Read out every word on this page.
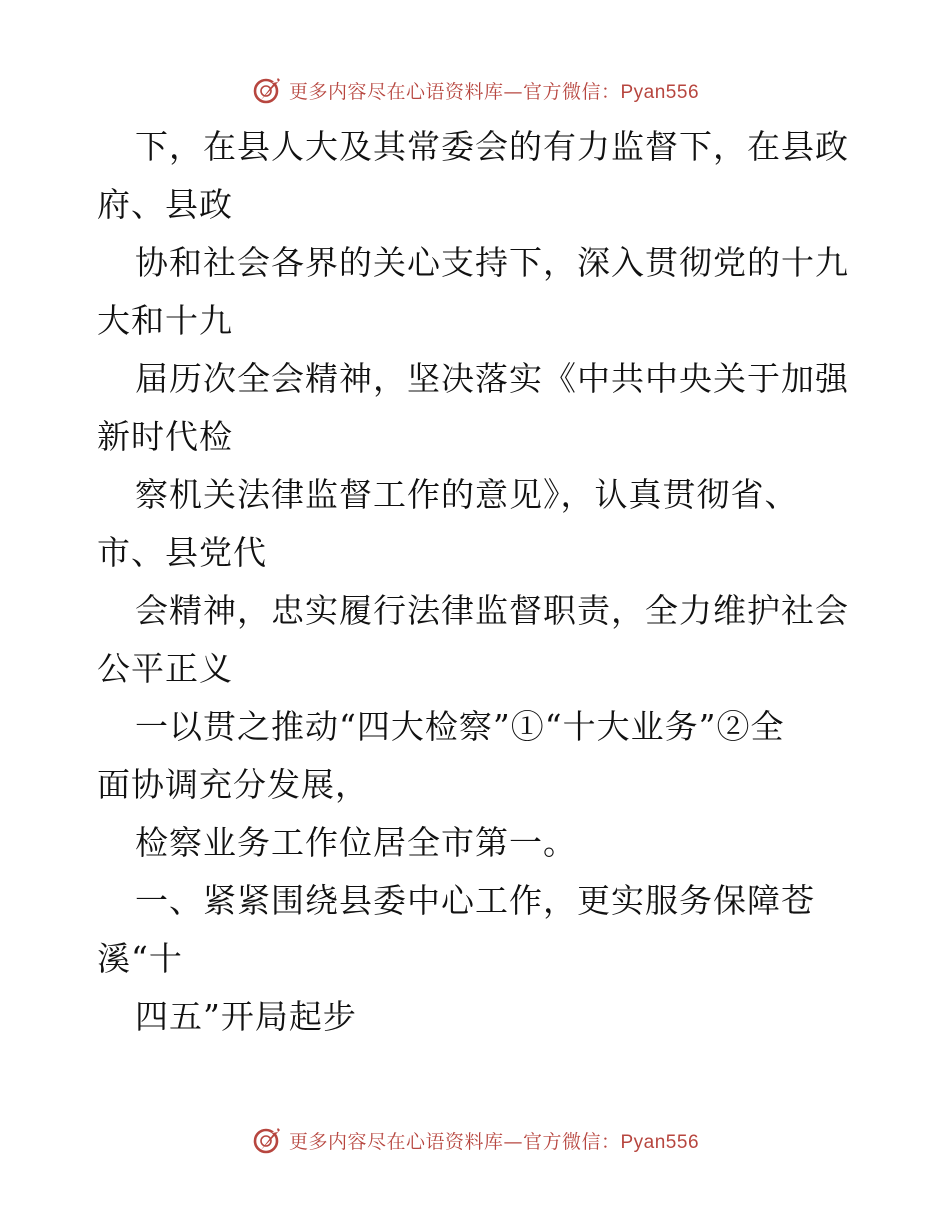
更多内容尽在心语资料库—官方微信：Pyan556
下，在县人大及其常委会的有力监督下，在县政
府、县政
协和社会各界的关心支持下，深入贯彻党的十九
大和十九
届历次全会精神，坚决落实《中共中央关于加强
新时代检
察机关法律监督工作的意见》，认真贯彻省、
市、县党代
会精神，忠实履行法律监督职责，全力维护社会
公平正义
一以贯之推动“四大检察”①“十大业务”②全
面协调充分发展，
检察业务工作位居全市第一。
一、紧紧围绕县委中心工作，更实服务保障苍
溪“十
四五”开局起步
更多内容尽在心语资料库—官方微信：Pyan556
